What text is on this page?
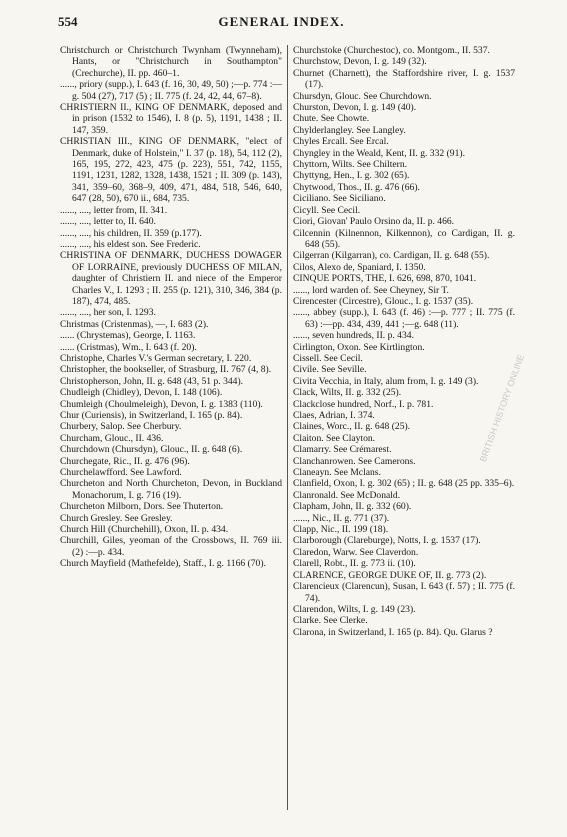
554	GENERAL INDEX.

Christchurch or Christchurch Twynham (Twynneham), Hants, or "Christchurch in Southampton" (Crechurche), II. pp. 460–1.

......, priory (supp.), I. 643 (f. 16, 30, 49, 50) ;—p. 774 :—g. 504 (27), 717 (5) ; II. 775 (f. 24, 42, 44, 67–8).

CHRISTIERN II., KING OF DENMARK, deposed and in prison (1532 to 1546), I. 8 (p. 5), 1191, 1438 ; II. 147, 359.

CHRISTIAN III., KING OF DENMARK, "elect of Denmark, duke of Holstein," I. 37 (p. 18), 54, 112 (2), 165, 195, 272, 423, 475 (p. 223), 551, 742, 1155, 1191, 1231, 1282, 1328, 1438, 1521 ; II. 309 (p. 143), 341, 359–60, 368–9, 409, 471, 484, 518, 546, 640, 647 (28, 50), 670 ii., 684, 735.

......, ...., letter from, II. 341.

......, ...., letter to, II. 640.

......, ...., his children, II. 359 (p.177).

......, ...., his eldest son. See Frederic.

CHRISTINA OF DENMARK, DUCHESS DOWAGER OF LORRAINE, previously DUCHESS OF MILAN, daughter of Christiern II. and niece of the Emperor Charles V., I. 1293 ; II. 255 (p. 121), 310, 346, 384 (p. 187), 474, 485.

......, ...., her son, I. 1293.

Christmas (Cristenmas), —, I. 683 (2).

...... (Chrystemas), George, I. 1163.

...... (Cristmas), Wm., I. 643 (f. 20).

Christophe, Charles V.'s German secretary, I. 220.

Christopher, the bookseller, of Strasburg, II. 767 (4, 8).

Christopherson, John, II. g. 648 (43, 51 p. 344).

Chudleigh (Chidley), Devon, I. 148 (106).

Chumleigh (Choulmeleigh), Devon, I. g. 1383 (110).

Chur (Curiensis), in Switzerland, I. 165 (p. 84).

Churbery, Salop. See Cherbury.

Churcham, Glouc., II. 436.

Churchdown (Chursdyn), Glouc., II. g. 648 (6).

Churchegate, Ric., II. g. 476 (96).

Churchelawfford. See Lawford.

Churcheton and North Churcheton, Devon, in Buckland Monachorum, I. g. 716 (19).

Churcheton Milborn, Dors. See Thuterton.

Church Gresley. See Gresley.

Church Hill (Churchehill), Oxon, II. p. 434.

Churchill, Giles, yeoman of the Crossbows, II. 769 iii. (2) :—p. 434.

Church Mayfield (Mathefelde), Staff., I. g. 1166 (70).

Churchstoke (Churchestoc), co. Montgom., II. 537.

Churchstow, Devon, I. g. 149 (32).

Churnet (Charnett), the Staffordshire river, I. g. 1537 (17).

Chursdyn, Glouc. See Churchdown.

Churston, Devon, I. g. 149 (40).

Chute. See Chowte.

Chylderlangley. See Langley.

Chyles Ercall. See Ercal.

Chyngley in the Weald, Kent, II. g. 332 (91).

Chyttorn, Wilts. See Chiltern.

Chyttyng, Hen., I. g. 302 (65).

Chytwood, Thos., II. g. 476 (66).

Ciciliano. See Siciliano.

Cicyll. See Cecil.

Ciori, Giovan' Paulo Orsino da, II. p. 466.

Cilcennin (Kilnennon, Kilkennon), co Cardigan, II. g. 648 (55).

Cilgerran (Kilgarran), co. Cardigan, II. g. 648 (55).

Cilos, Alexo de, Spaniard, I. 1350.

CINQUE PORTS, THE, I. 626, 698, 870, 1041.

......, lord warden of. See Cheyney, Sir T.

Cirencester (Circestre), Glouc., I. g. 1537 (35).

......, abbey (supp.), I. 643 (f. 46) :—p. 777 ; II. 775 (f. 63) :—pp. 434, 439, 441 ;—g. 648 (11).

......, seven hundreds, II. p. 434.

Cirlington, Oxon. See Kirtlington.

Cissell. See Cecil.

Civile. See Seville.

Civita Vecchia, in Italy, alum from, I. g. 149 (3).

Clack, Wilts, II. g. 332 (25).

Clackclose hundred, Norf., I. p. 781.

Claes, Adrian, I. 374.

Claines, Worc., II. g. 648 (25).

Claiton. See Clayton.

Clamarry. See Crémarest.

Clanchanrowen. See Camerons.

Claneayn. See Mclans.

Clanfield, Oxon, I. g. 302 (65) ; II. g. 648 (25 pp. 335–6).

Clanronald. See McDonald.

Clapham, John, II. g. 332 (60).

......, Nic., II. g. 771 (37).

Clapp, Nic., II. 199 (18).

Clarborough (Clareburge), Notts, I. g. 1537 (17).

Claredon, Warw. See Claverdon.

Clarell, Robt., II. g. 773 ii. (10).

CLARENCE, GEORGE DUKE OF, II. g. 773 (2).

Clarencieux (Clarencun), Susan, I. 643 (f. 57) ; II. 775 (f. 74).

Clarendon, Wilts, I. g. 149 (23).

Clarke. See Clerke.

Clarona, in Switzerland, I. 165 (p. 84). Qu. Glarus ?

BRITISH HISTORY ONLINE
